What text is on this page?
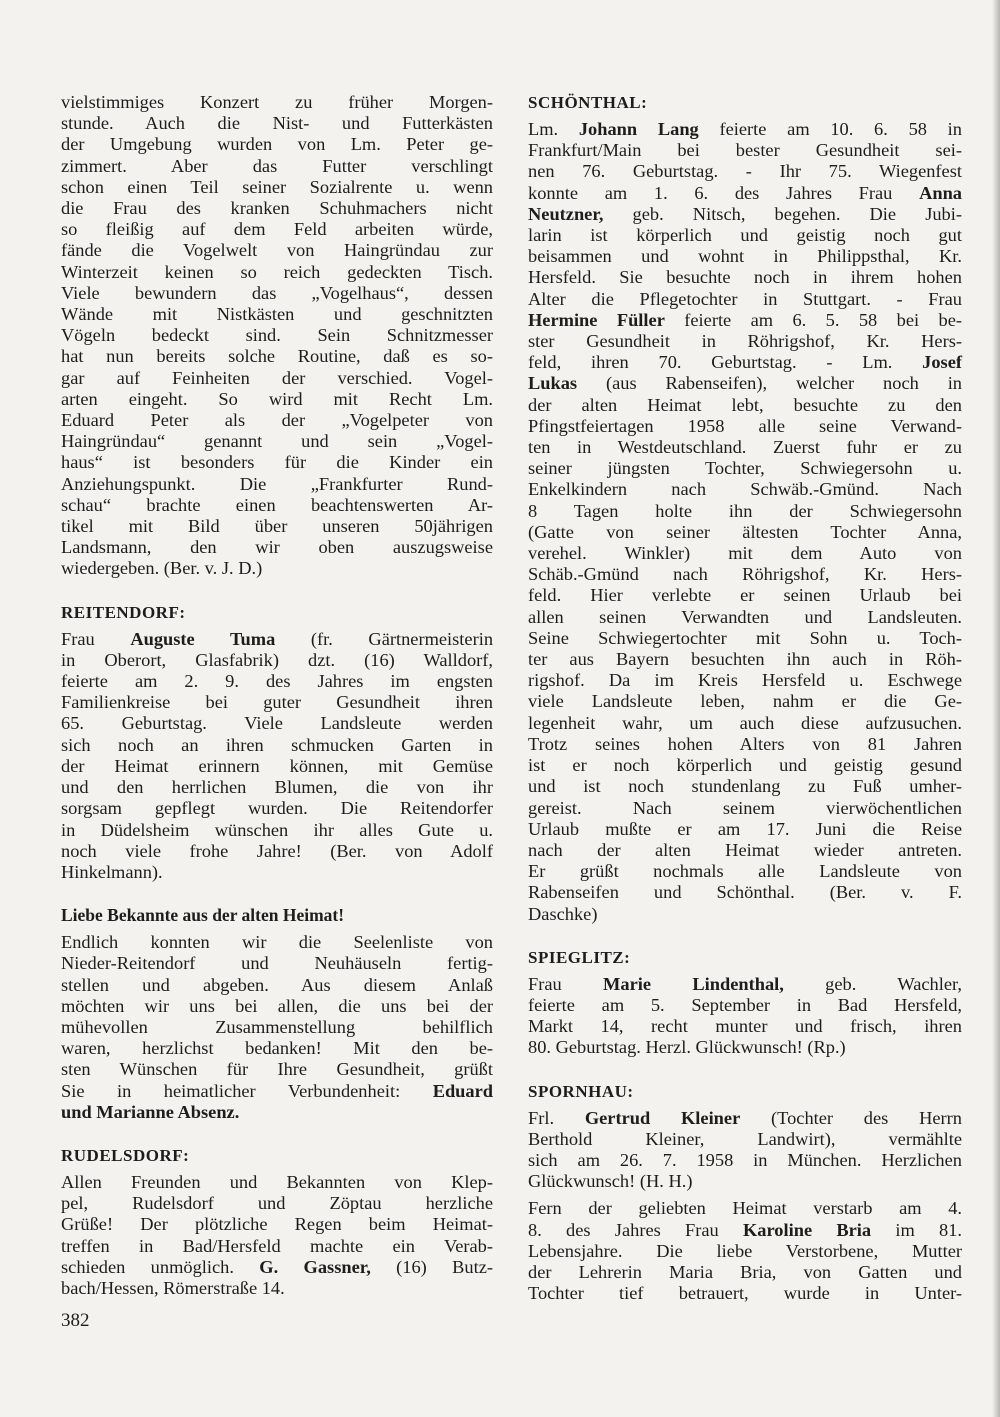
vielstimmiges Konzert zu früher Morgen-
stunde. Auch die Nist- und Futterkästen
der Umgebung wurden von Lm. Peter ge-
zimmert. Aber das Futter verschlingt
schon einen Teil seiner Sozialrente u. wenn
die Frau des kranken Schuhmachers nicht
so fleißig auf dem Feld arbeiten würde,
fände die Vogelwelt von Haingründau zur
Winterzeit keinen so reich gedeckten Tisch.
Viele bewundern das „Vogelhaus“, dessen
Wände mit Nistkästen und geschnitzten
Vögeln bedeckt sind. Sein Schnitzmesser
hat nun bereits solche Routine, daß es so-
gar auf Feinheiten der verschied. Vogel-
arten eingeht. So wird mit Recht Lm.
Eduard Peter als der „Vogelpeter von
Haingründau“ genannt und sein „Vogel-
haus“ ist besonders für die Kinder ein
Anziehungspunkt. Die „Frankfurter Rund-
schau“ brachte einen beachtenswerten Ar-
tikel mit Bild über unseren 50jährigen
Landsmann, den wir oben auszugsweise
wiedergeben. (Ber. v. J. D.)

REITENDORF:

Frau Auguste Tuma (fr. Gärtnermeisterin
in Oberort, Glasfabrik) dzt. (16) Walldorf,
feierte am 2. 9. des Jahres im engsten
Familienkreise bei guter Gesundheit ihren
65. Geburtstag. Viele Landsleute werden
sich noch an ihren schmucken Garten in
der Heimat erinnern können, mit Gemüse
und den herrlichen Blumen, die von ihr
sorgsam gepflegt wurden. Die Reitendorfer
in Düdelsheim wünschen ihr alles Gute u.
noch viele frohe Jahre! (Ber. von Adolf
Hinkelmann).

Liebe Bekannte aus der alten Heimat!

Endlich konnten wir die Seelenliste von
Nieder-Reitendorf und Neuhäuseln fertig-
stellen und abgeben. Aus diesem Anlaß
möchten wir uns bei allen, die uns bei der
mühevollen Zusammenstellung behilflich
waren, herzlichst bedanken! Mit den be-
sten Wünschen für Ihre Gesundheit, grüßt
Sie in heimatlicher Verbundenheit: Eduard
und Marianne Absenz.

RUDELSDORF:

Allen Freunden und Bekannten von Klep-
pel, Rudelsdorf und Zöptau herzliche
Grüße! Der plötzliche Regen beim Heimat-
treffen in Bad/Hersfeld machte ein Verab-
schieden unmöglich. G. Gassner, (16) Butz-
bach/Hessen, Römerstraße 14.

382
SCHÖNTHAL:

Lm. Johann Lang feierte am 10. 6. 58 in
Frankfurt/Main bei bester Gesundheit sei-
nen 76. Geburtstag. - Ihr 75. Wiegenfest
konnte am 1. 6. des Jahres Frau Anna
Neutzner, geb. Nitsch, begehen. Die Jubi-
larin ist körperlich und geistig noch gut
beisammen und wohnt in Philippsthal, Kr.
Hersfeld. Sie besuchte noch in ihrem hohen
Alter die Pflegetochter in Stuttgart. - Frau
Hermine Füller feierte am 6. 5. 58 bei be-
ster Gesundheit in Röhrigshof, Kr. Hers-
feld, ihren 70. Geburtstag. - Lm. Josef
Lukas (aus Rabenseifen), welcher noch in
der alten Heimat lebt, besuchte zu den
Pfingstfeiertagen 1958 alle seine Verwand-
ten in Westdeutschland. Zuerst fuhr er zu
seiner jüngsten Tochter, Schwiegersohn u.
Enkelkindern nach Schwäb.-Gmünd. Nach
8 Tagen holte ihn der Schwiegersohn
(Gatte von seiner ältesten Tochter Anna,
verehel. Winkler) mit dem Auto von
Schäb.-Gmünd nach Röhrigshof, Kr. Hers-
feld. Hier verlebte er seinen Urlaub bei
allen seinen Verwandten und Landsleuten.
Seine Schwiegertochter mit Sohn u. Toch-
ter aus Bayern besuchten ihn auch in Röh-
rigshof. Da im Kreis Hersfeld u. Eschwege
viele Landsleute leben, nahm er die Ge-
legenheit wahr, um auch diese aufzusuchen.
Trotz seines hohen Alters von 81 Jahren
ist er noch körperlich und geistig gesund
und ist noch stundenlang zu Fuß umher-
gereist. Nach seinem vierwöchentlichen
Urlaub mußte er am 17. Juni die Reise
nach der alten Heimat wieder antreten.
Er grüßt nochmals alle Landsleute von
Rabenseifen und Schönthal. (Ber. v. F.
Daschke)

SPIEGLITZ:

Frau Marie Lindenthal, geb. Wachler,
feierte am 5. September in Bad Hersfeld,
Markt 14, recht munter und frisch, ihren
80. Geburtstag. Herzl. Glückwunsch! (Rp.)

SPORNHAU:

Frl. Gertrud Kleiner (Tochter des Herrn
Berthold Kleiner, Landwirt), vermählte
sich am 26. 7. 1958 in München. Herzlichen
Glückwunsch! (H. H.)

Fern der geliebten Heimat verstarb am 4.
8. des Jahres Frau Karoline Bria im 81.
Lebensjahre. Die liebe Verstorbene, Mutter
der Lehrerin Maria Bria, von Gatten und
Tochter tief betrauert, wurde in Unter-
